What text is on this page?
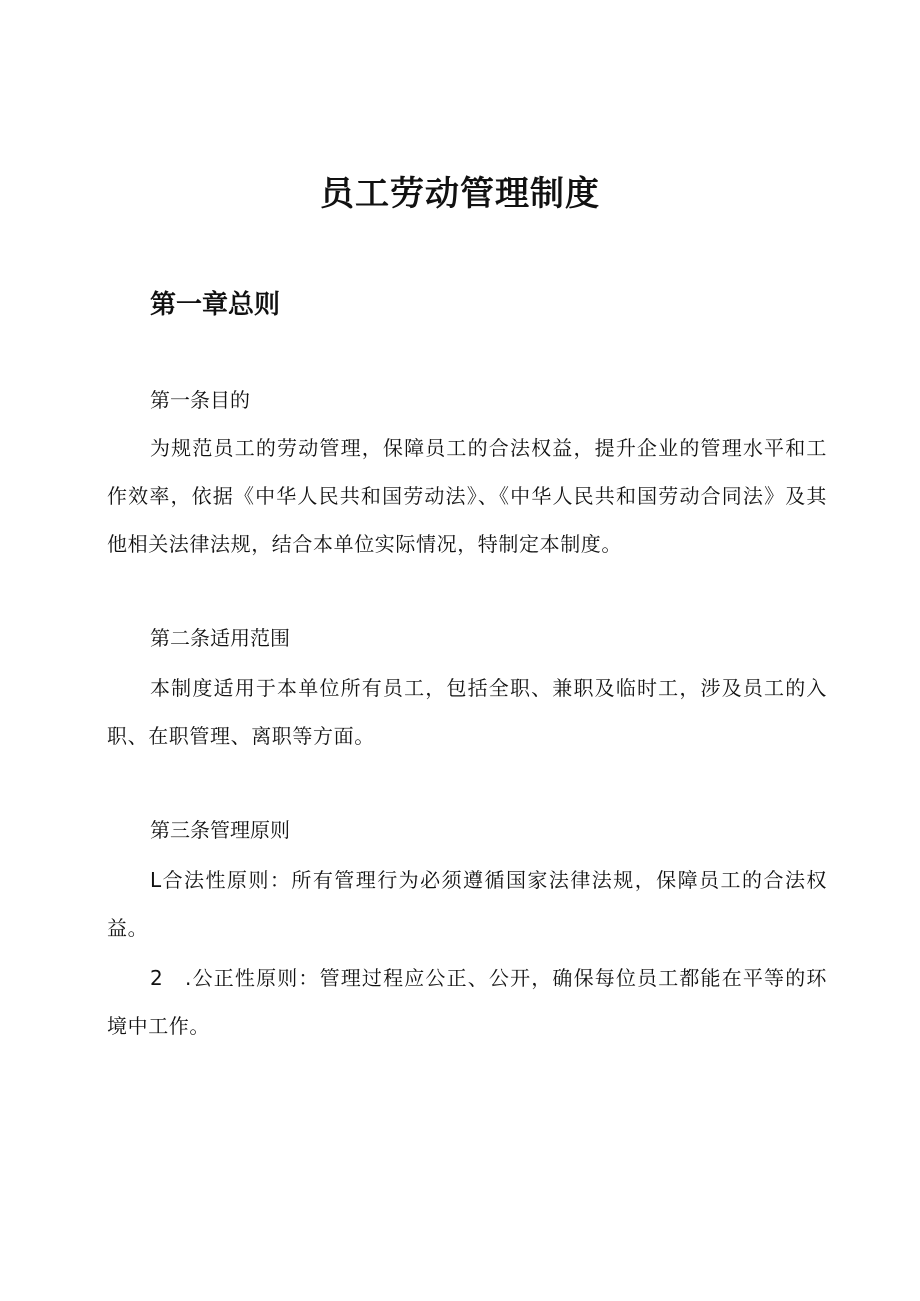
员工劳动管理制度
第一章总则
第一条目的

为规范员工的劳动管理，保障员工的合法权益，提升企业的管理水平和工作效率，依据《中华人民共和国劳动法》、《中华人民共和国劳动合同法》及其他相关法律法规，结合本单位实际情况，特制定本制度。

第二条适用范围

本制度适用于本单位所有员工，包括全职、兼职及临时工，涉及员工的入职、在职管理、离职等方面。

第三条管理原则

L合法性原则：所有管理行为必须遵循国家法律法规，保障员工的合法权益。

2　.公正性原则：管理过程应公正、公开，确保每位员工都能在平等的环境中工作。
